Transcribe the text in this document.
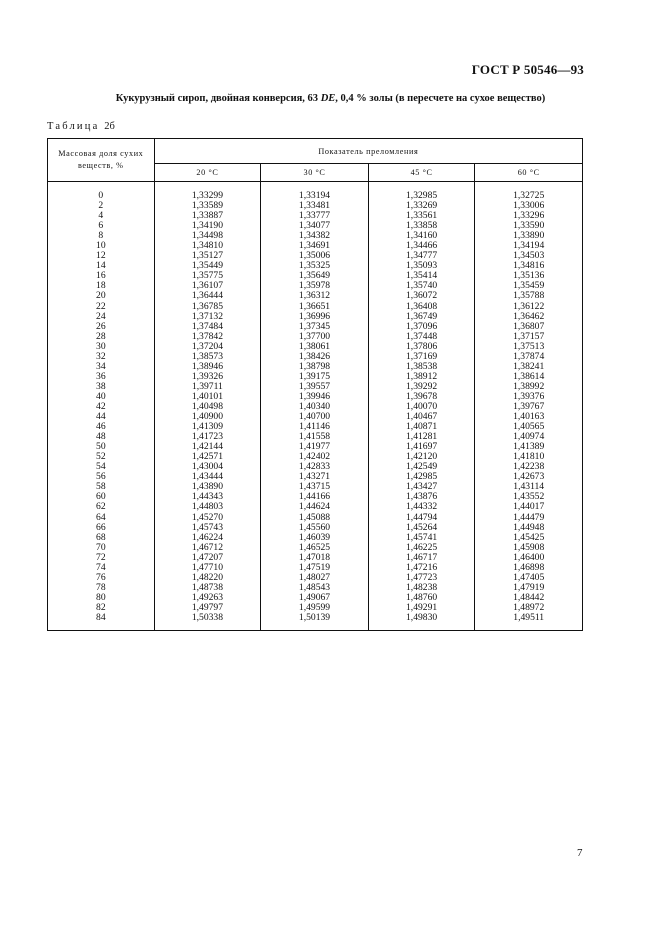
ГОСТ Р 50546—93
Кукурузный сироп, двойная конверсия, 63 DE, 0,4 % золы (в пересчете на сухое вещество)
Таблица 2б
Массовая доля сухих веществ, %	Показатель преломления			
	20 °С	30 °С	45 °С	60 °С
0	1,33299	1,33194	1,32985	1,32725
2	1,33589	1,33481	1,33269	1,33006
4	1,33887	1,33777	1,33561	1,33296
6	1,34190	1,34077	1,33858	1,33590
8	1,34498	1,34382	1,34160	1,33890
10	1,34810	1,34691	1,34466	1,34194
12	1,35127	1,35006	1,34777	1,34503
14	1,35449	1,35325	1,35093	1,34816
16	1,35775	1,35649	1,35414	1,35136
18	1,36107	1,35978	1,35740	1,35459
20	1,36444	1,36312	1,36072	1,35788
22	1,36785	1,36651	1,36408	1,36122
24	1,37132	1,36996	1,36749	1,36462
26	1,37484	1,37345	1,37096	1,36807
28	1,37842	1,37700	1,37448	1,37157
30	1,37204	1,38061	1,37806	1,37513
32	1,38573	1,38426	1,37169	1,37874
34	1,38946	1,38798	1,38538	1,38241
36	1,39326	1,39175	1,38912	1,38614
38	1,39711	1,39557	1,39292	1,38992
40	1,40101	1,39946	1,39678	1,39376
42	1,40498	1,40340	1,40070	1,39767
44	1,40900	1,40700	1,40467	1,40163
46	1,41309	1,41146	1,40871	1,40565
48	1,41723	1,41558	1,41281	1,40974
50	1,42144	1,41977	1,41697	1,41389
52	1,42571	1,42402	1,42120	1,41810
54	1,43004	1,42833	1,42549	1,42238
56	1,43444	1,43271	1,42985	1,42673
58	1,43890	1,43715	1,43427	1,43114
60	1,44343	1,44166	1,43876	1,43552
62	1,44803	1,44624	1,44332	1,44017
64	1,45270	1,45088	1,44794	1,44479
66	1,45743	1,45560	1,45264	1,44948
68	1,46224	1,46039	1,45741	1,45425
70	1,46712	1,46525	1,46225	1,45908
72	1,47207	1,47018	1,46717	1,46400
74	1,47710	1,47519	1,47216	1,46898
76	1,48220	1,48027	1,47723	1,47405
78	1,48738	1,48543	1,48238	1,47919
80	1,49263	1,49067	1,48760	1,48442
82	1,49797	1,49599	1,49291	1,48972
84	1,50338	1,50139	1,49830	1,49511
7
